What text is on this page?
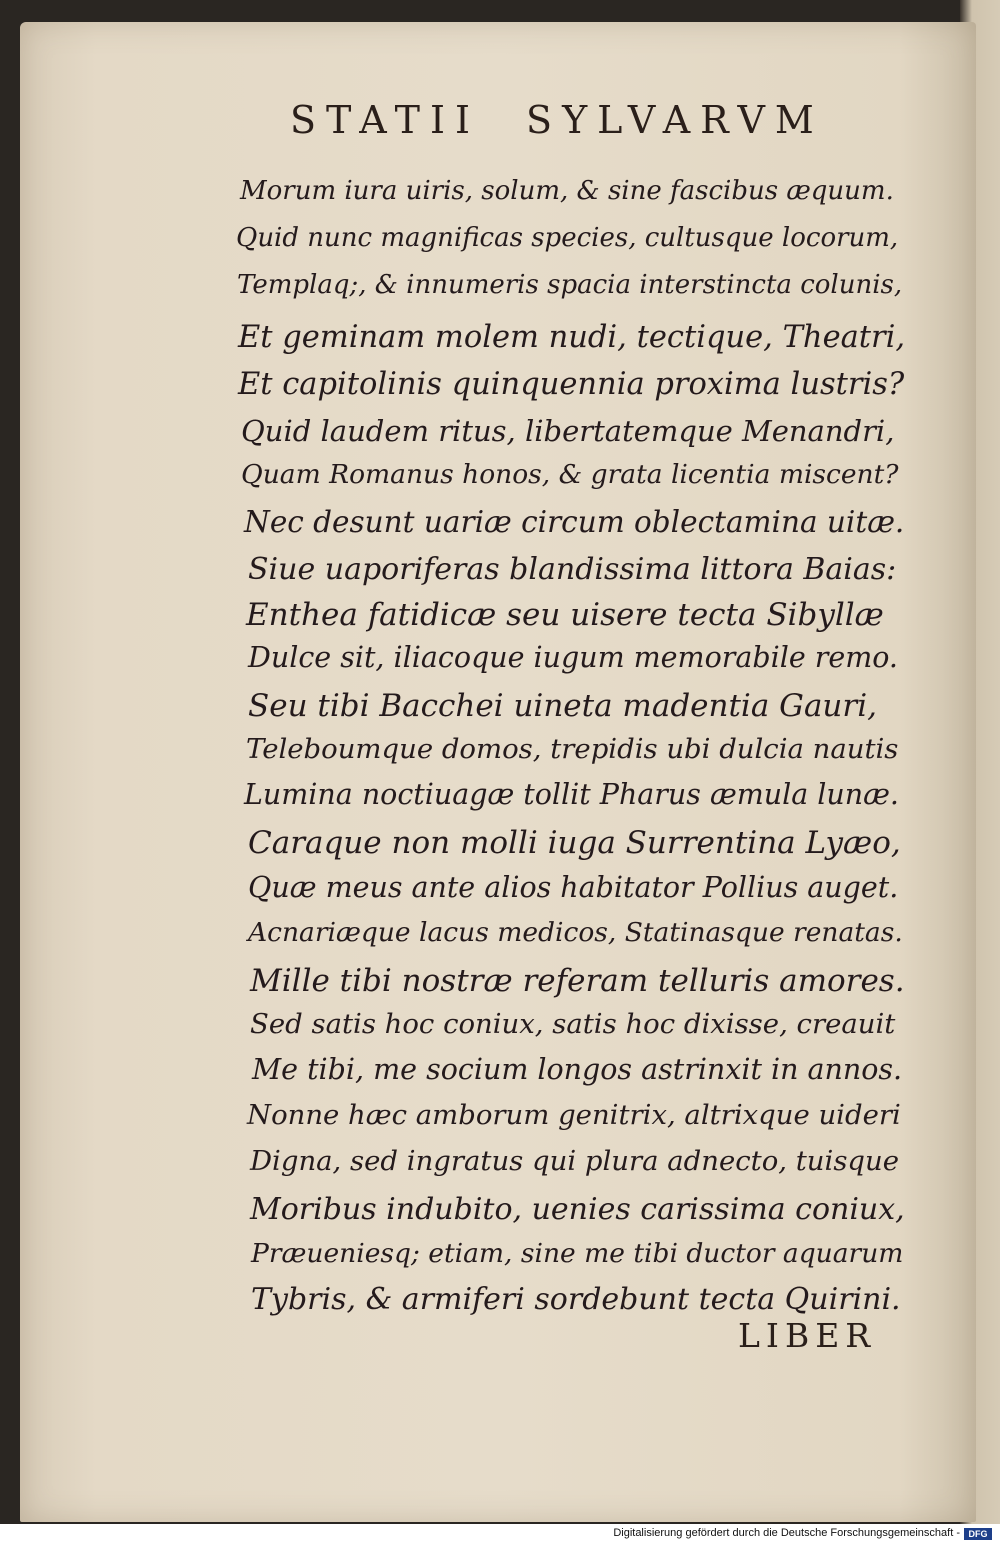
STATII SYLVARVM
Morum iura uiris, solum, & sine fascibus æquum.
Quid nunc magnificas species, cultusque locorum,
Templaq;, & innumeris spacia interstincta colunis,
Et geminam molem nudi, tectique, Theatri,
Et capitolinis quinquennia proxima lustris?
Quid laudem ritus, libertatemque Menandri,
Quam Romanus honos, & grata licentia miscent?
Nec desunt uariæ circum oblectamina uitæ.
Siue uaporiferas blandissima littora Baias:
Enthea fatidicæ seu uisere tecta Sibyllæ
Dulce sit, iliacoque iugum memorabile remo.
Seu tibi Bacchei uineta madentia Gauri,
Teleboumque domos, trepidis ubi dulcia nautis
Lumina noctiuagæ tollit Pharus æmula lunæ.
Caraque non molli iuga Surrentina Lyæo,
Quæ meus ante alios habitator Pollius auget.
Acnariæque lacus medicos, Statinasque renatas.
Mille tibi nostræ referam telluris amores.
Sed satis hoc coniux, satis hoc dixisse, creauit
Me tibi, me socium longos astrinxit in annos.
Nonne hæc amborum genitrix, altrixque uideri
Digna, sed ingratus qui plura adnecto, tuisque
Moribus indubito, uenies carissima coniux,
Præueniesq; etiam, sine me tibi ductor aquarum
Tybris, & armiferi sordebunt tecta Quirini.
LIBER
Digitalisierung gefördert durch die Deutsche Forschungsgemeinschaft - DFG
